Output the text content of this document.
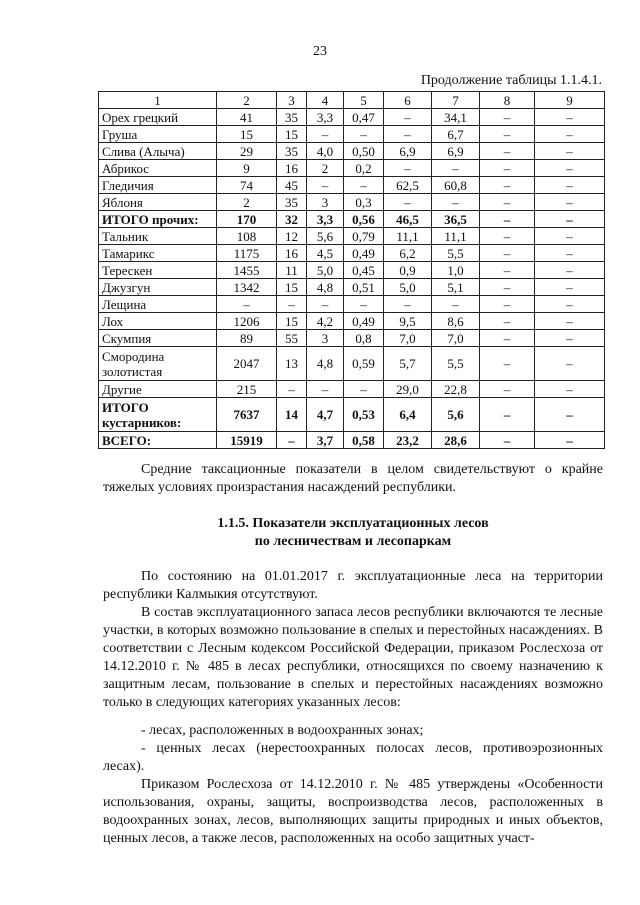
23
Продолжение таблицы 1.1.4.1.
1	2	3	4	5	6	7	8	9
Орех грецкий	41	35	3,3	0,47	–	34,1	–	–
Груша	15	15	–	–	–	6,7	–	–
Слива (Алыча)	29	35	4,0	0,50	6,9	6,9	–	–
Абрикос	9	16	2	0,2	–	–	–	–
Гледичия	74	45	–	–	62,5	60,8	–	–
Яблоня	2	35	3	0,3	–	–	–	–
ИТОГО прочих:	170	32	3,3	0,56	46,5	36,5	–	–
Тальник	108	12	5,6	0,79	11,1	11,1	–	–
Тамарикс	1175	16	4,5	0,49	6,2	5,5	–	–
Терескен	1455	11	5,0	0,45	0,9	1,0	–	–
Джузгун	1342	15	4,8	0,51	5,0	5,1	–	–
Лещина	–	–	–	–	–	–	–	–
Лох	1206	15	4,2	0,49	9,5	8,6	–	–
Скумпия	89	55	3	0,8	7,0	7,0	–	–
Смородина золотистая	2047	13	4,8	0,59	5,7	5,5	–	–
Другие	215	–	–	–	29,0	22,8	–	–
ИТОГО кустарников:	7637	14	4,7	0,53	6,4	5,6	–	–
ВСЕГО:	15919	–	3,7	0,58	23,2	28,6	–	–

Средние таксационные показатели в целом свидетельствуют о крайне тяжелых условиях произрастания насаждений республики.

1.1.5. Показатели эксплуатационных лесов
по лесничествам и лесопаркам

По состоянию на 01.01.2017 г. эксплуатационные леса на территории республики Калмыкия отсутствуют.

В состав эксплуатационного запаса лесов республики включаются те лесные участки, в которых возможно пользование в спелых и перестойных насаждениях. В соответствии с Лесным кодексом Российской Федерации, приказом Рослесхоза от 14.12.2010 г. № 485 в лесах республики, относящихся по своему назначению к защитным лесам, пользование в спелых и перестойных насаждениях возможно только в следующих категориях указанных лесов:

- лесах, расположенных в водоохранных зонах;

- ценных лесах (нерестоохранных полосах лесов, противоэрозионных лесах).

Приказом Рослесхоза от 14.12.2010 г. № 485 утверждены «Особенности использования, охраны, защиты, воспроизводства лесов, расположенных в водоохранных зонах, лесов, выполняющих защиты природных и иных объектов, ценных лесов, а также лесов, расположенных на особо защитных участ-
